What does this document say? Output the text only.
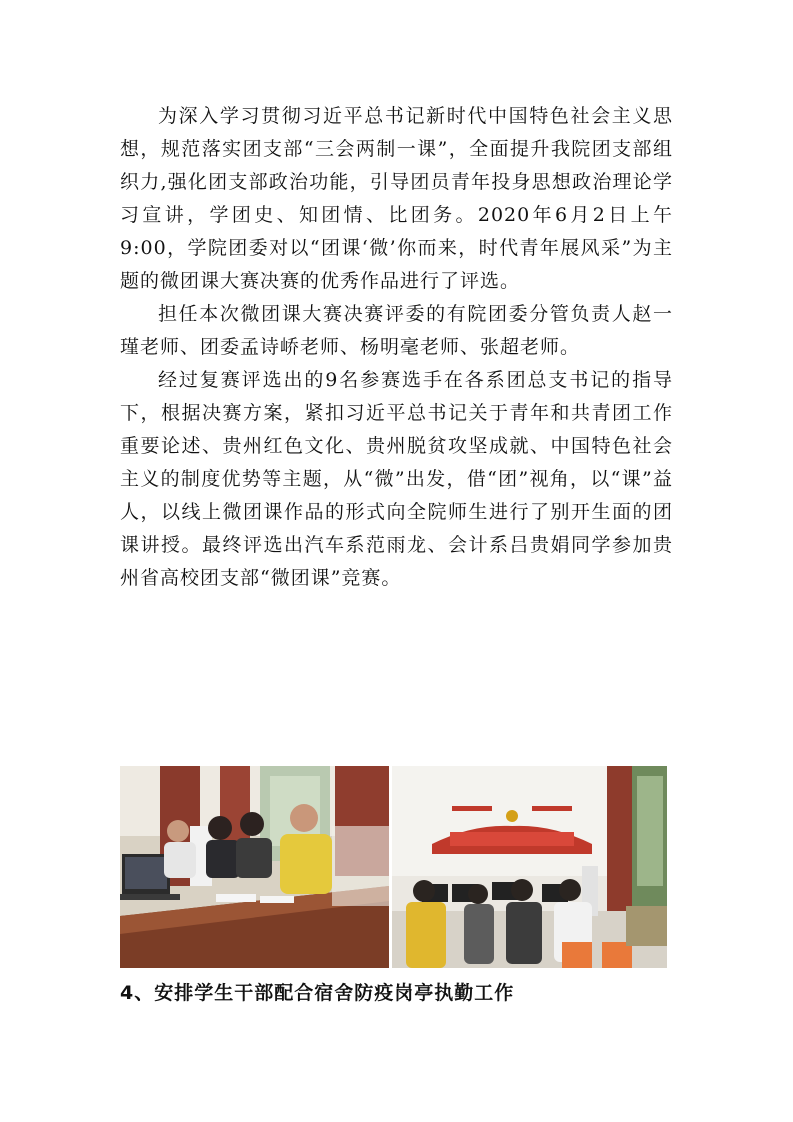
为深入学习贯彻习近平总书记新时代中国特色社会主义思想，规范落实团支部“三会两制一课”，全面提升我院团支部组织力,强化团支部政治功能，引导团员青年投身思想政治理论学习宣讲，学团史、知团情、比团务。2020年6月2日上午9:00，学院团委对以“团课‘微’你而来，时代青年展风采”为主题的微团课大赛决赛的优秀作品进行了评选。

担任本次微团课大赛决赛评委的有院团委分管负责人赵一瑾老师、团委孟诗峤老师、杨明毫老师、张超老师。

经过复赛评选出的9名参赛选手在各系团总支书记的指导下，根据决赛方案，紧扣习近平总书记关于青年和共青团工作重要论述、贵州红色文化、贵州脱贫攻坚成就、中国特色社会主义的制度优势等主题，从“微”出发，借“团”视角，以“课”益人，以线上微团课作品的形式向全院师生进行了别开生面的团课讲授。最终评选出汽车系范雨龙、会计系吕贵娟同学参加贵州省高校团支部“微团课”竞赛。

4、安排学生干部配合宿舍防疫岗亭执勤工作
